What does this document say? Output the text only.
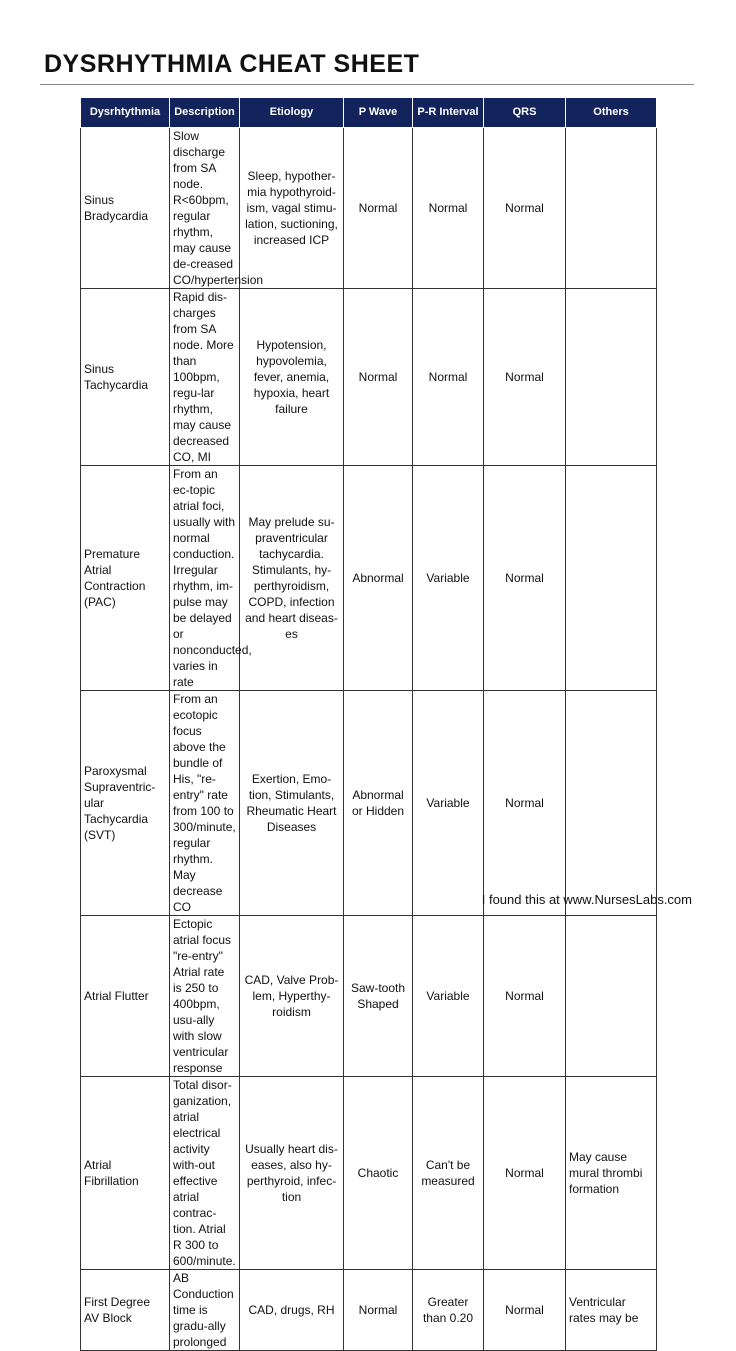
DYSRHYTHMIA CHEAT SHEET
Dysrhtythmia	Description	Etiology	P Wave	P-R Interval	QRS	Others
Sinus Bradycardia	Slow discharge from SA node. R<60bpm, regular rhythm, may cause de-creased CO/hypertension	Sleep, hypother-mia hypothyroid-ism, vagal stimu-lation, suctioning, increased ICP	Normal	Normal	Normal	
Sinus Tachycardia	Rapid dis-charges from SA node. More than 100bpm, regu-lar rhythm, may cause decreased CO, MI	Hypotension, hypovolemia, fever, anemia, hypoxia, heart failure	Normal	Normal	Normal	
Premature Atrial Contraction (PAC)	From an ec-topic atrial foci, usually with normal conduction. Irregular rhythm, im-pulse may be delayed or nonconducted, varies in rate	May prelude su-praventricular tachycardia. Stimulants, hy-perthyroidism, COPD, infection and heart diseas-es	Abnormal	Variable	Normal	
Paroxysmal Supraventric-ular Tachycardia (SVT)	From an ecotopic focus above the bundle of His, "re-entry" rate from 100 to 300/minute, regular rhythm. May decrease CO	Exertion, Emo-tion, Stimulants, Rheumatic Heart Diseases	Abnormal or Hidden	Variable	Normal	
Atrial Flutter	Ectopic atrial focus "re-entry" Atrial rate is 250 to 400bpm, usu-ally with slow ventricular response	CAD, Valve Prob-lem, Hyperthy-roidism	Saw-tooth Shaped	Variable	Normal	
Atrial Fibrillation	Total disor-ganization, atrial electrical activity with-out effective atrial contrac-tion. Atrial R 300 to 600/minute.	Usually heart dis-eases, also hy-perthyroid, infec-tion	Chaotic	Can't be measured	Normal	May cause mural thrombi formation
First Degree AV Block	AB Conduction time is gradu-ally prolonged	CAD, drugs, RH	Normal	Greater than 0.20	Normal	Ventricular rates may be
I found this at www.NursesLabs.com
